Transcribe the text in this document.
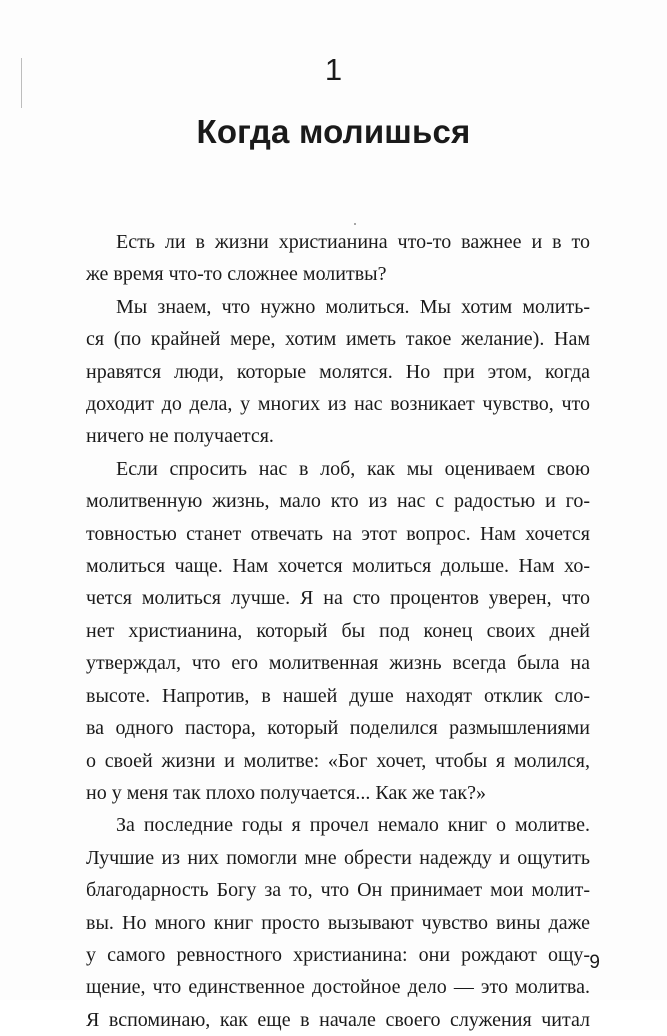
1
Когда молишься

Есть ли в жизни христианина что-то важнее и в то
же время что-то сложнее молитвы?

Мы знаем, что нужно молиться. Мы хотим молить-
ся (по крайней мере, хотим иметь такое желание). Нам
нравятся люди, которые молятся. Но при этом, когда
доходит до дела, у многих из нас возникает чувство, что
ничего не получается.

Если спросить нас в лоб, как мы оцениваем свою
молитвенную жизнь, мало кто из нас с радостью и го-
товностью станет отвечать на этот вопрос. Нам хочется
молиться чаще. Нам хочется молиться дольше. Нам хо-
чется молиться лучше. Я на сто процентов уверен, что
нет христианина, который бы под конец своих дней
утверждал, что его молитвенная жизнь всегда была на
высоте. Напротив, в нашей душе находят отклик сло-
ва одного пастора, который поделился размышлениями
о своей жизни и молитве: «Бог хочет, чтобы я молился,
но у меня так плохо получается... Как же так?»

За последние годы я прочел немало книг о молитве.
Лучшие из них помогли мне обрести надежду и ощутить
благодарность Богу за то, что Он принимает мои молит-
вы. Но много книг просто вызывают чувство вины даже
у самого ревностного христианина: они рождают ощу-
щение, что единственное достойное дело — это молитва.
Я вспоминаю, как еще в начале своего служения читал

9
